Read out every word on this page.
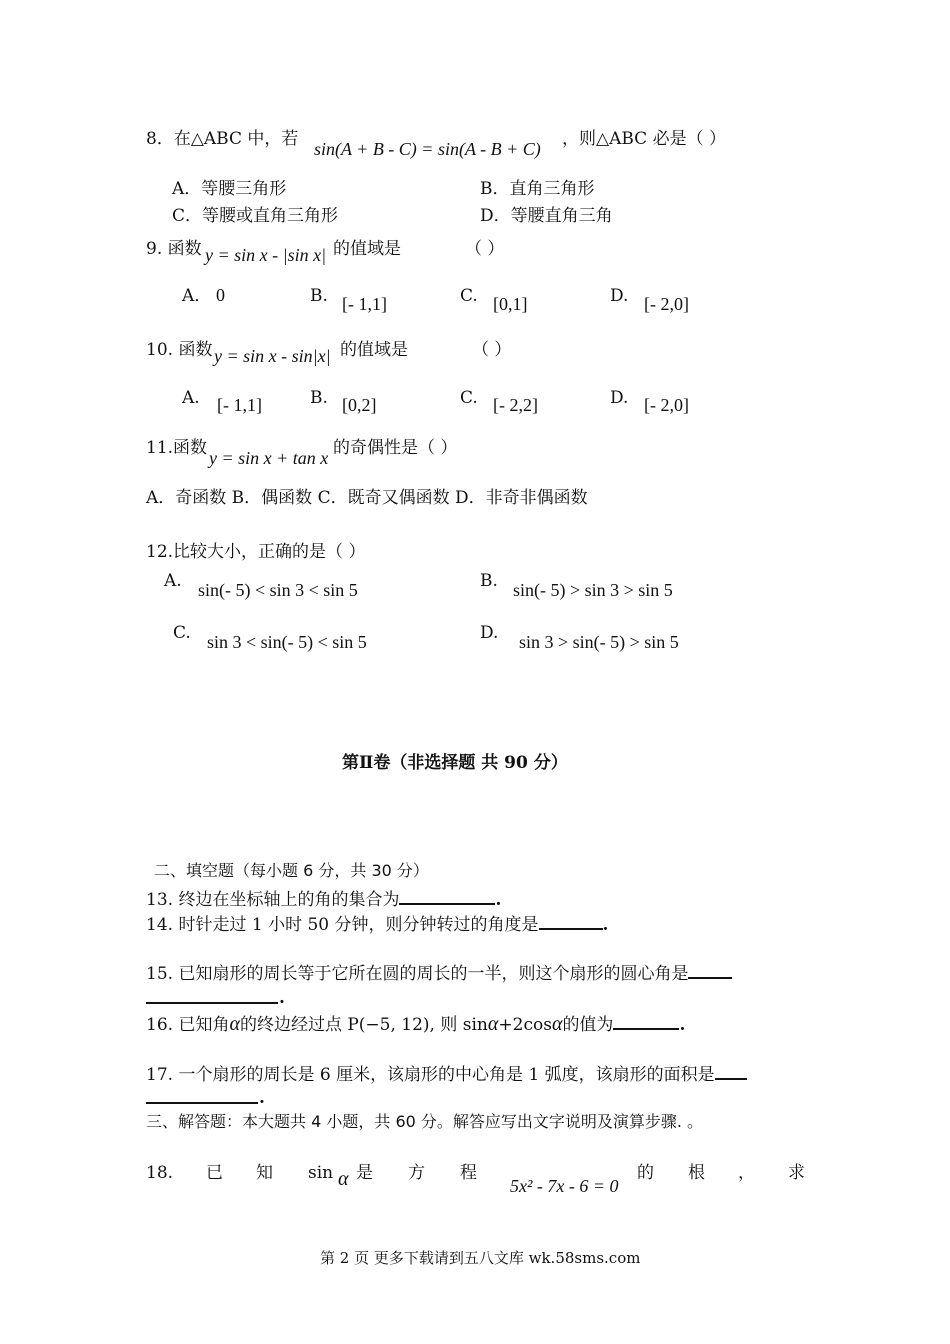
8．在△ABC 中，若 sin(A + B - C) = sin(A - B + C) ，则△ABC 必是（ ）
A．等腰三角形	B．直角三角形
C．等腰或直角三角形	D．等腰直角三角
9. 函数 y = sin x - |sin x| 的值域是	（ ）
A． 0	B. [- 1,1]	C. [0,1]	D. [- 2,0]
10. 函数 y = sin x - sin|x| 的值域是	（ ）
A. [- 1,1]	B. [0,2]	C. [- 2,2]	D. [- 2,0]
11.函数 y = sin x + tan x 的奇偶性是（ ）
A．奇函数 B．偶函数 C．既奇又偶函数 D．非奇非偶函数
12.比较大小，正确的是（ ）
A. sin(- 5) < sin 3 < sin 5	B. sin(- 5) > sin 3 > sin 5
C. sin 3 < sin(- 5) < sin 5	D. sin 3 > sin(- 5) > sin 5
第Ⅱ卷（非选择题 共 90 分）
二、填空题（每小题 6 分，共 30 分）
13. 终边在坐标轴上的角的集合为	.
14. 时针走过 1 小时 50 分钟，则分钟转过的角度是	.
15. 已知扇形的周长等于它所在圆的周长的一半，则这个扇形的圆心角是
.
16. 已知角α的终边经过点 P(−5, 12), 则 sinα+2cosα的值为	.
17. 一个扇形的周长是 6 厘米，该扇形的中心角是 1 弧度，该扇形的面积是
.
三、解答题：本大题共 4 小题，共 60 分。解答应写出文字说明及演算步骤. 。
18. 已 知 sin α 是 方 程
5x² - 7x - 6 = 0
的 根 ， 求
第 2 页 更多下载请到五八文库 wk.58sms.com
